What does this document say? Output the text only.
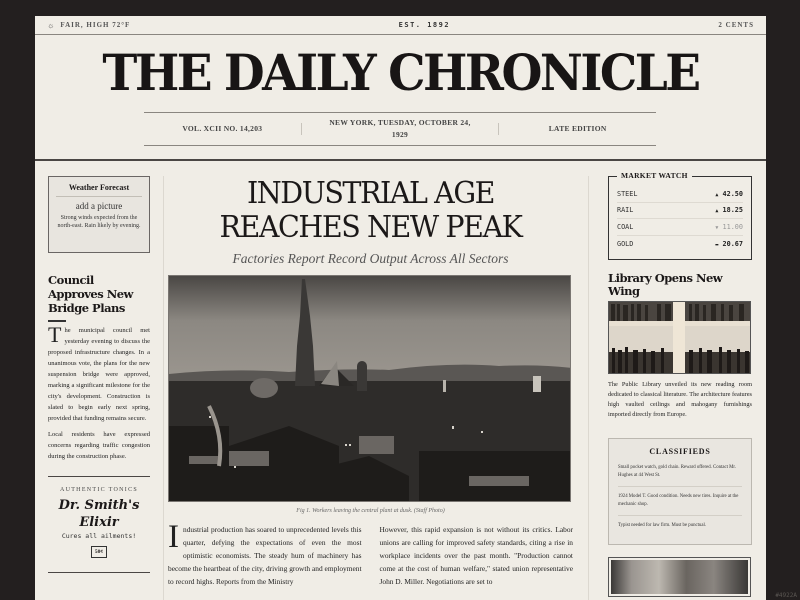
☼ FAIR, HIGH 72°F	EST. 1892	2 CENTS
THE DAILY CHRONICLE
VOL. XCII NO. 14,203
NEW YORK, TUESDAY, OCTOBER 24, 1929
LATE EDITION
Weather Forecast
add a picture
Strong winds expected from the north-east. Rain likely by evening.
Council Approves New Bridge Plans

The municipal council met yesterday evening to discuss the proposed infrastructure changes. In a unanimous vote, the plans for the new suspension bridge were approved, marking a significant milestone for the city's development. Construction is slated to begin early next spring, provided that funding remains secure.

Local residents have expressed concerns regarding traffic congestion during the construction phase.

AUTHENTIC TONICS
Dr. Smith's Elixir
Cures all ailments!
50¢
INDUSTRIAL AGE REACHES NEW PEAK
Factories Report Record Output Across All Sectors
Fig 1. Workers leaving the central plant at dusk. (Staff Photo)
Industrial production has soared to unprecedented levels this quarter, defying the expectations of even the most optimistic economists. The steady hum of machinery has become the heartbeat of the city, driving growth and employment to record highs. Reports from the Ministry
However, this rapid expansion is not without its critics. Labor unions are calling for improved safety standards, citing a rise in workplace incidents over the past month. "Production cannot come at the cost of human welfare," stated union representative John D. Miller. Negotiations are set to
MARKET WATCH
STEEL	▲ 42.50
RAIL	▲ 18.25
COAL	▼ 11.00
GOLD	▬ 20.67
Library Opens New Wing
The Public Library unveiled its new reading room dedicated to classical literature. The architecture features high vaulted ceilings and mahogany furnishings imported directly from Europe.
CLASSIFIEDS
Small pocket watch, gold chain. Reward offered. Contact Mr. Hughes at 44 West St.
1924 Model T. Good condition. Needs new tires. Inquire at the mechanic shop.
Typist needed for law firm. Must be punctual.
#4922A
